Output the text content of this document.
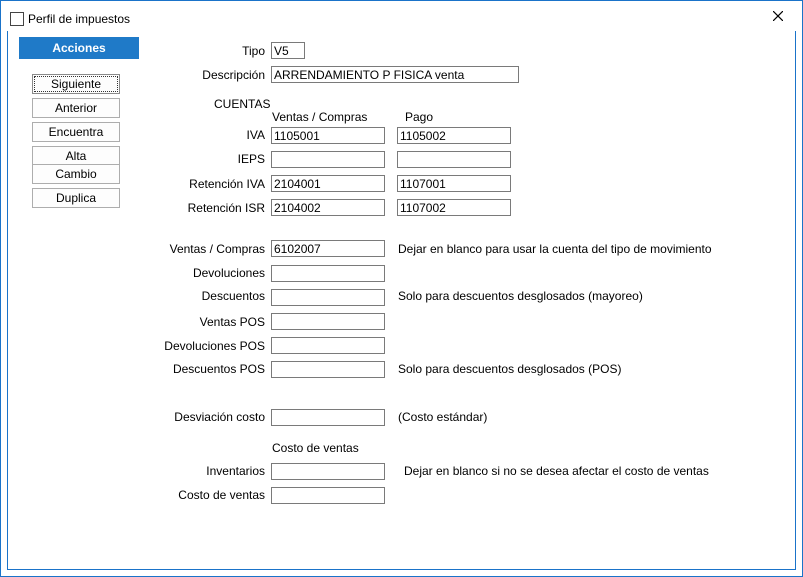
Perfil de impuestos
Acciones
Siguiente
Anterior
Encuentra
Alta
Cambio
Duplica
Tipo V5
Descripción ARRENDAMIENTO P FISICA venta
CUENTAS
Ventas / Compras	Pago
IVA 1105001	1105002
IEPS
Retención IVA 2104001	1107001
Retención ISR 2104002	1107002
Ventas / Compras 6102007	Dejar en blanco para usar la cuenta del tipo de movimiento
Devoluciones
Descuentos	Solo para descuentos desglosados (mayoreo)
Ventas POS
Devoluciones POS
Descuentos POS	Solo para descuentos desglosados (POS)
Desviación costo	(Costo estándar)
Costo de ventas
Inventarios	Dejar en blanco si no se desea afectar el costo de ventas
Costo de ventas
